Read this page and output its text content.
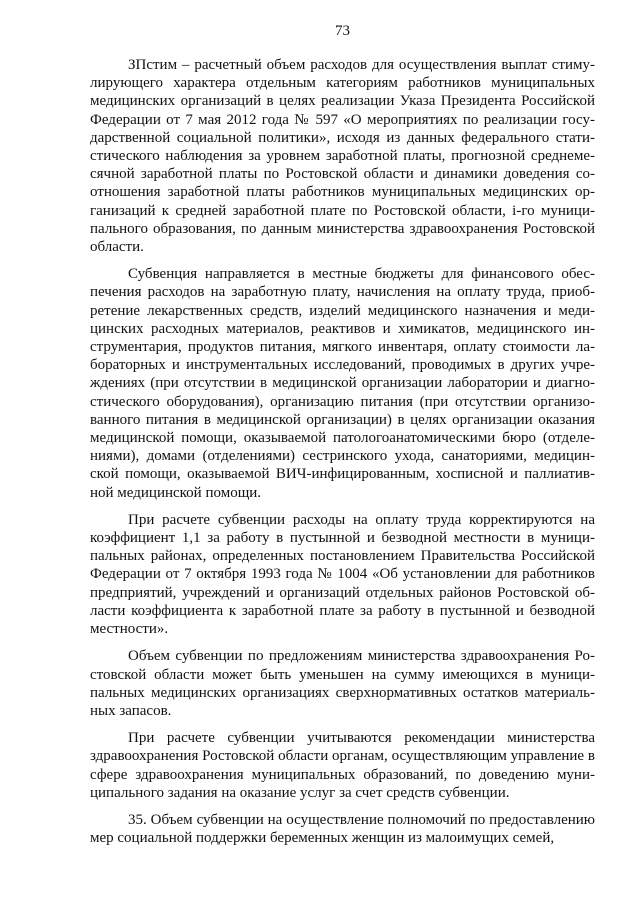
73

ЗПстим – расчетный объем расходов для осуществления выплат стимулирующего характера отдельным категориям работников муниципальных медицинских организаций в целях реализации Указа Президента Российской Федерации от 7 мая 2012 года № 597 «О мероприятиях по реализации государственной социальной политики», исходя из данных федерального статистического наблюдения за уровнем заработной платы, прогнозной среднемесячной заработной платы по Ростовской области и динамики доведения соотношения заработной платы работников муниципальных медицинских организаций к средней заработной плате по Ростовской области, i-го муниципального образования, по данным министерства здравоохранения Ростовской области.

Субвенция направляется в местные бюджеты для финансового обеспечения расходов на заработную плату, начисления на оплату труда, приобретение лекарственных средств, изделий медицинского назначения и медицинских расходных материалов, реактивов и химикатов, медицинского инструментария, продуктов питания, мягкого инвентаря, оплату стоимости лабораторных и инструментальных исследований, проводимых в других учреждениях (при отсутствии в медицинской организации лаборатории и диагностического оборудования), организацию питания (при отсутствии организованного питания в медицинской организации) в целях организации оказания медицинской помощи, оказываемой патологоанатомическими бюро (отделениями), домами (отделениями) сестринского ухода, санаториями, медицинской помощи, оказываемой ВИЧ-инфицированным, хосписной и паллиативной медицинской помощи.

При расчете субвенции расходы на оплату труда корректируются на коэффициент 1,1 за работу в пустынной и безводной местности в муниципальных районах, определенных постановлением Правительства Российской Федерации от 7 октября 1993 года № 1004 «Об установлении для работников предприятий, учреждений и организаций отдельных районов Ростовской области коэффициента к заработной плате за работу в пустынной и безводной местности».

Объем субвенции по предложениям министерства здравоохранения Ростовской области может быть уменьшен на сумму имеющихся в муниципальных медицинских организациях сверхнормативных остатков материальных запасов.

При расчете субвенции учитываются рекомендации министерства здравоохранения Ростовской области органам, осуществляющим управление в сфере здравоохранения муниципальных образований, по доведению муниципального задания на оказание услуг за счет средств субвенции.

35. Объем субвенции на осуществление полномочий по предоставлению мер социальной поддержки беременных женщин из малоимущих семей,
